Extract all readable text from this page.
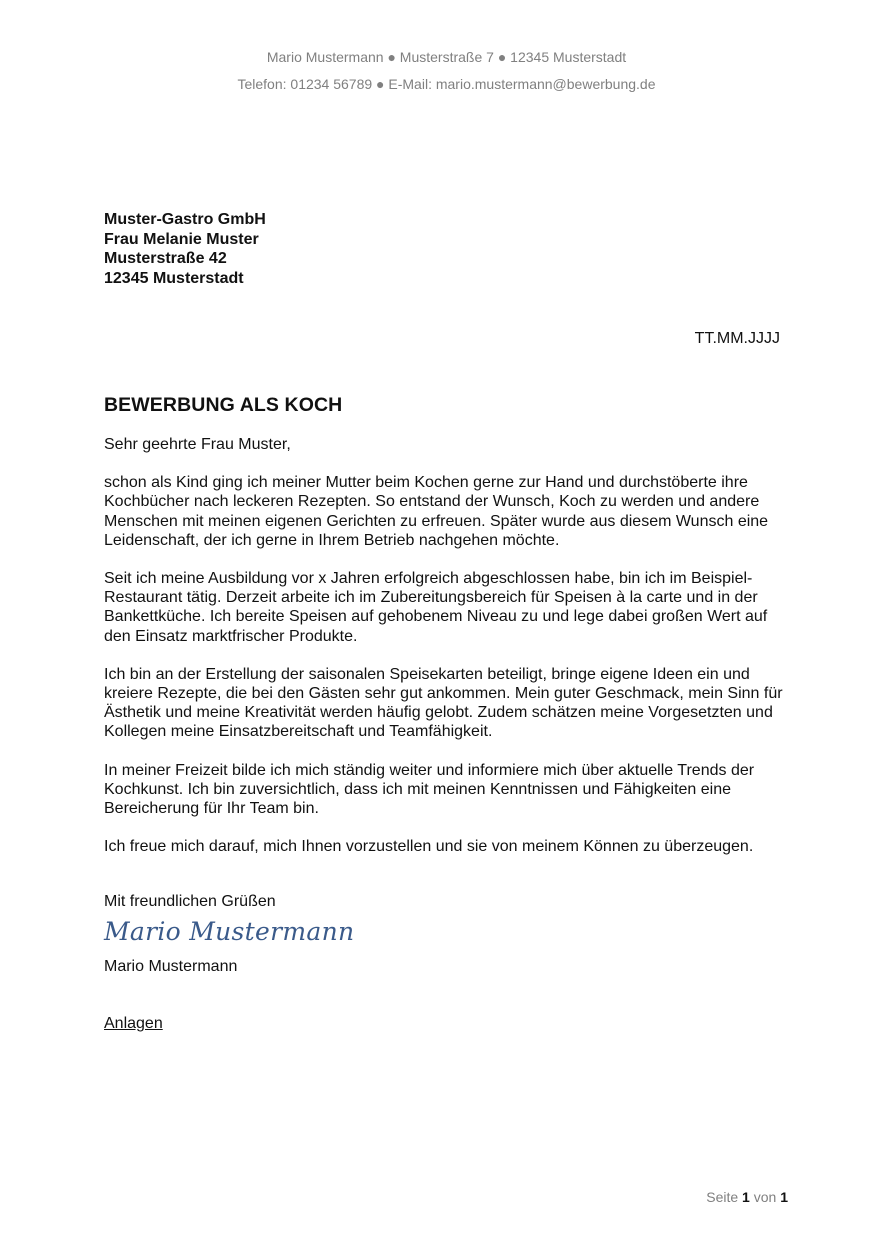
Mario Mustermann ● Musterstraße 7 ● 12345 Musterstadt
Telefon: 01234 56789 ● E-Mail: mario.mustermann@bewerbung.de
Muster-Gastro GmbH
Frau Melanie Muster
Musterstraße 42
12345 Musterstadt
TT.MM.JJJJ
BEWERBUNG ALS KOCH

Sehr geehrte Frau Muster,

schon als Kind ging ich meiner Mutter beim Kochen gerne zur Hand und durchstöberte ihre Kochbücher nach leckeren Rezepten. So entstand der Wunsch, Koch zu werden und andere Menschen mit meinen eigenen Gerichten zu erfreuen. Später wurde aus diesem Wunsch eine Leidenschaft, der ich gerne in Ihrem Betrieb nachgehen möchte.

Seit ich meine Ausbildung vor x Jahren erfolgreich abgeschlossen habe, bin ich im Beispiel-Restaurant tätig. Derzeit arbeite ich im Zubereitungsbereich für Speisen à la carte und in der Bankettküche. Ich bereite Speisen auf gehobenem Niveau zu und lege dabei großen Wert auf den Einsatz marktfrischer Produkte.

Ich bin an der Erstellung der saisonalen Speisekarten beteiligt, bringe eigene Ideen ein und kreiere Rezepte, die bei den Gästen sehr gut ankommen. Mein guter Geschmack, mein Sinn für Ästhetik und meine Kreativität werden häufig gelobt. Zudem schätzen meine Vorgesetzten und Kollegen meine Einsatzbereitschaft und Teamfähigkeit.

In meiner Freizeit bilde ich mich ständig weiter und informiere mich über aktuelle Trends der Kochkunst. Ich bin zuversichtlich, dass ich mit meinen Kenntnissen und Fähigkeiten eine Bereicherung für Ihr Team bin.

Ich freue mich darauf, mich Ihnen vorzustellen und sie von meinem Können zu überzeugen.

Mit freundlichen Grüßen
Mario Mustermann
Mario Mustermann
Anlagen
Seite 1 von 1
